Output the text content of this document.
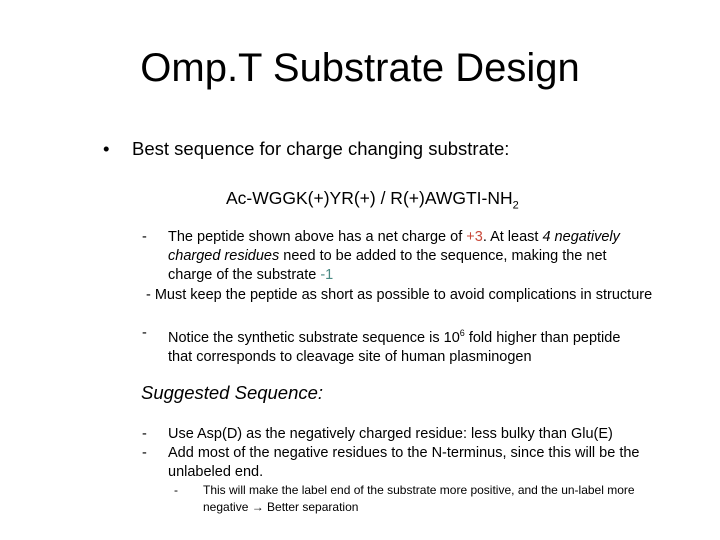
Omp.T Substrate Design
• Best sequence for charge changing substrate:
Ac-WGGK(+)YR(+) / $R(+)AWGTI-NH_2$
- The peptide shown above has a net charge of +3. At least 4 negatively charged residues need to be added to the sequence, making the net charge of the substrate -1
- Must keep the peptide as short as possible to avoid complications in structure
- Notice the synthetic substrate sequence is $10^6$ fold higher than peptide that corresponds to cleavage site of human plasminogen
Suggested Sequence:
- Use Asp(D) as the negatively charged residue: less bulky than Glu(E)
- Add most of the negative residues to the N-terminus, since this will be the unlabeled end.
- This will make the label end of the substrate more positive, and the un-label more negative → Better separation
